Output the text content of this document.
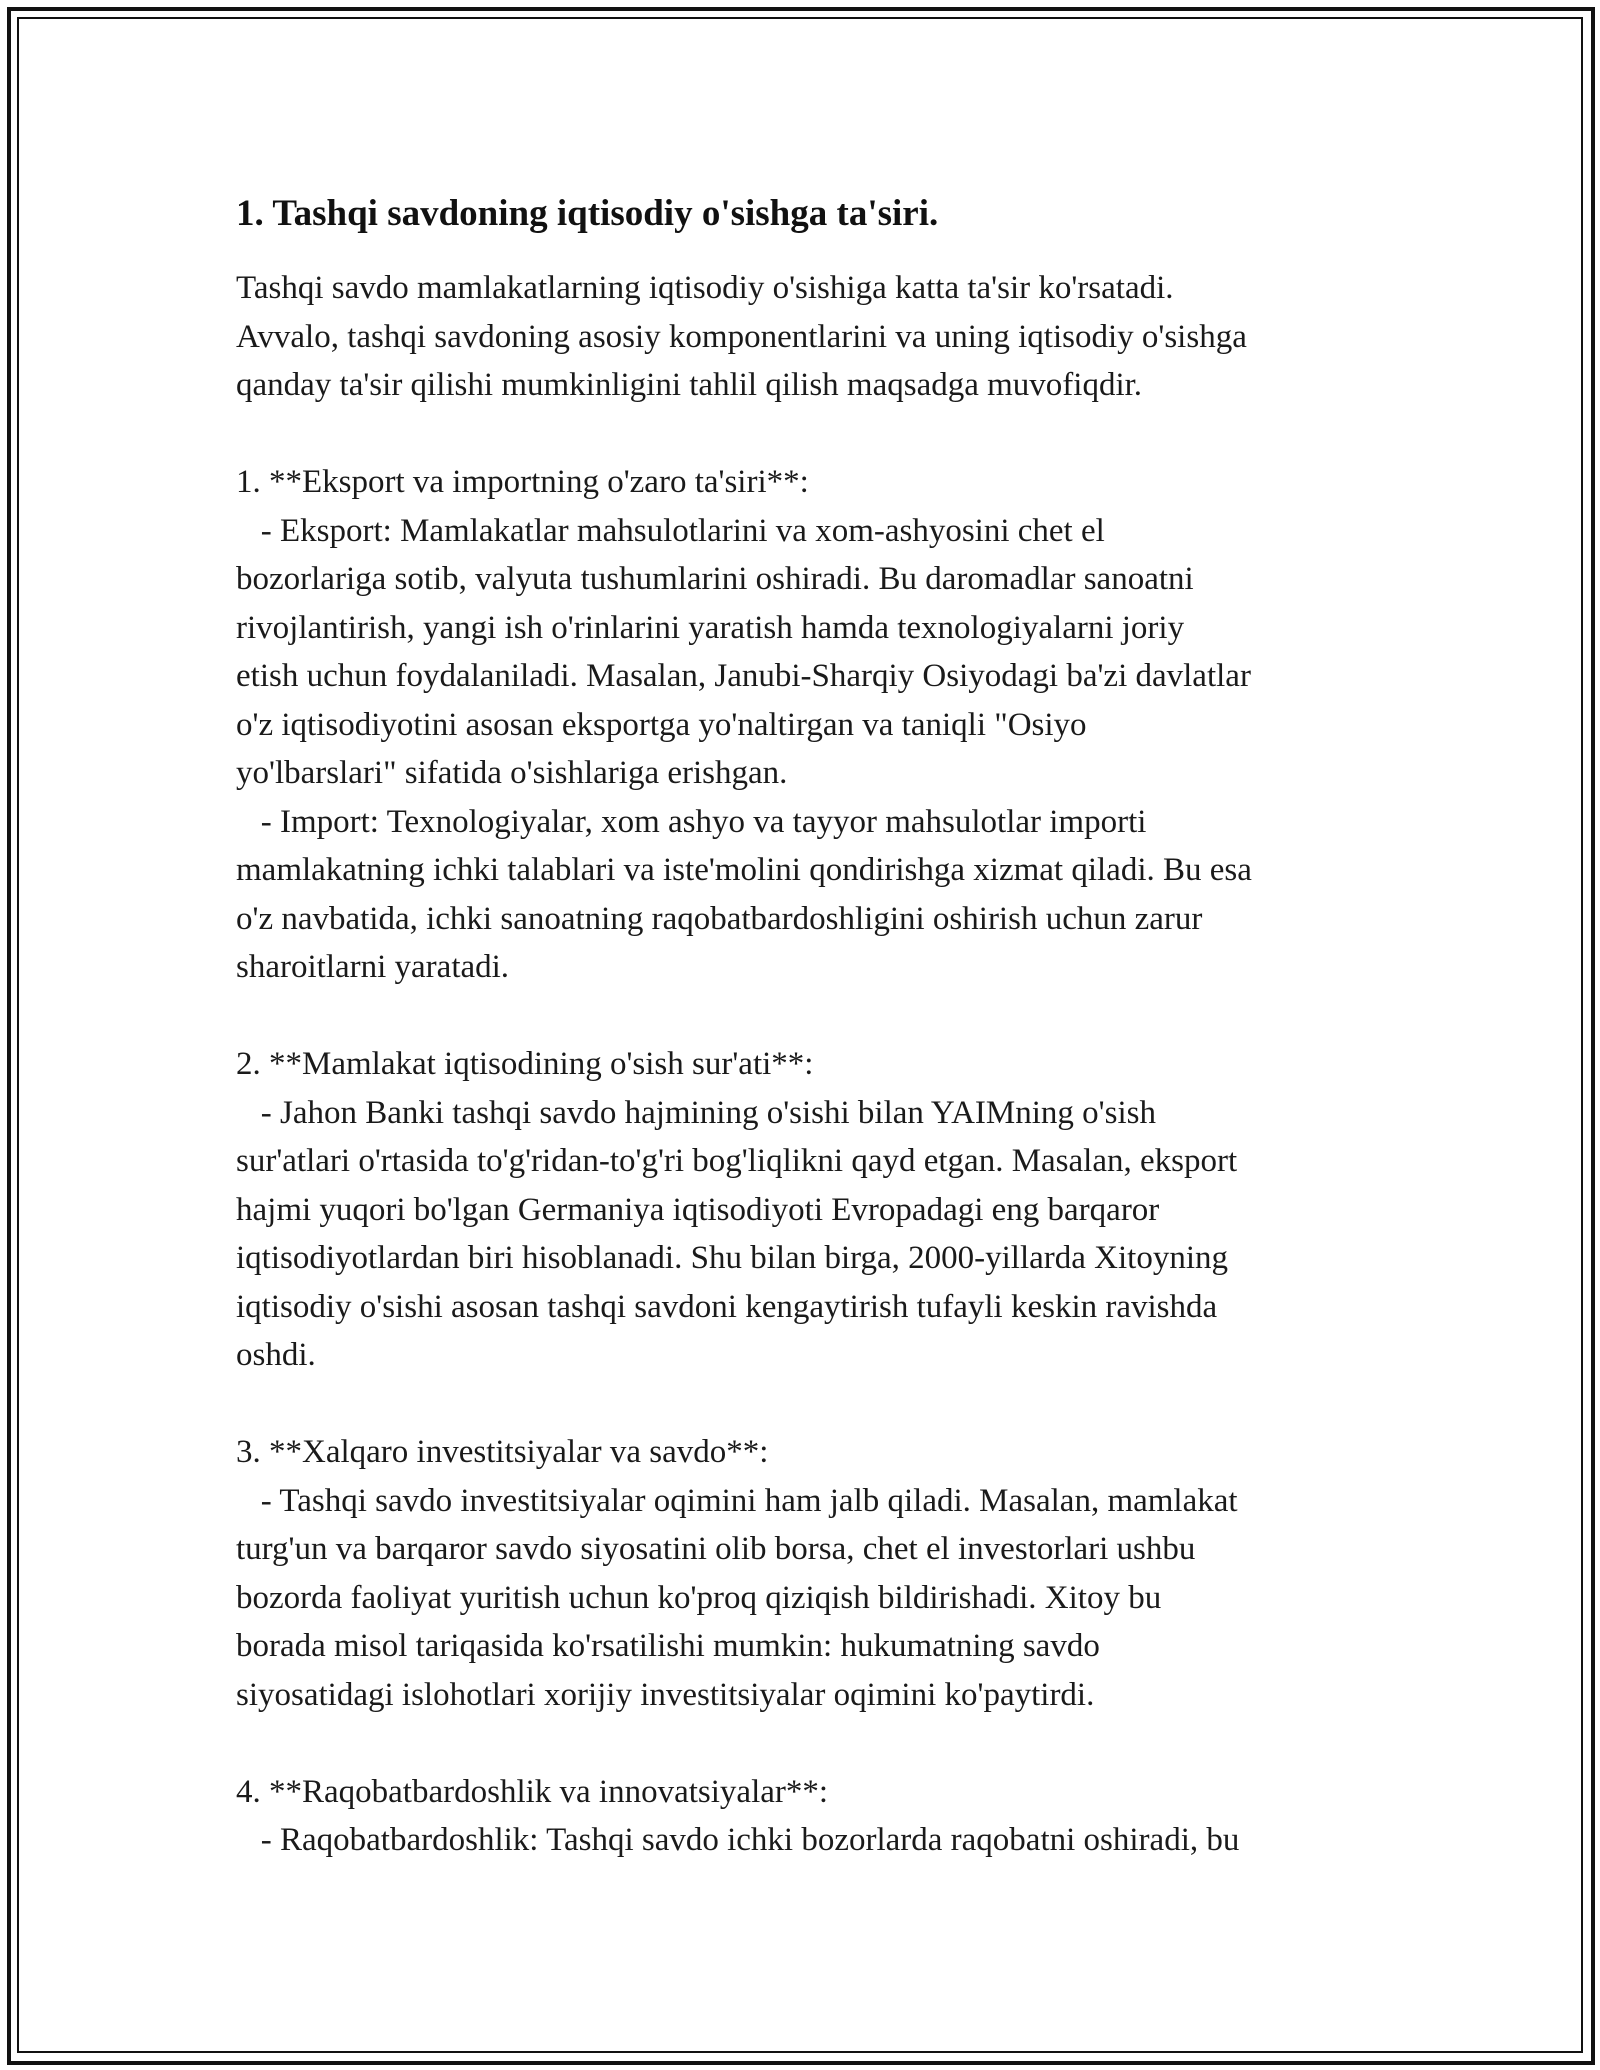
1. Tashqi savdoning iqtisodiy o'sishga ta'siri.

Tashqi savdo mamlakatlarning iqtisodiy o'sishiga katta ta'sir ko'rsatadi.
Avvalo, tashqi savdoning asosiy komponentlarini va uning iqtisodiy o'sishga
qanday ta'sir qilishi mumkinligini tahlil qilish maqsadga muvofiqdir.

1. **Eksport va importning o'zaro ta'siri**:
- Eksport: Mamlakatlar mahsulotlarini va xom-ashyosini chet el
bozorlariga sotib, valyuta tushumlarini oshiradi. Bu daromadlar sanoatni
rivojlantirish, yangi ish o'rinlarini yaratish hamda texnologiyalarni joriy
etish uchun foydalaniladi. Masalan, Janubi-Sharqiy Osiyodagi ba'zi davlatlar
o'z iqtisodiyotini asosan eksportga yo'naltirgan va taniqli "Osiyo
yo'lbarslari" sifatida o'sishlariga erishgan.
- Import: Texnologiyalar, xom ashyo va tayyor mahsulotlar importi
mamlakatning ichki talablari va iste'molini qondirishga xizmat qiladi. Bu esa
o'z navbatida, ichki sanoatning raqobatbardoshligini oshirish uchun zarur
sharoitlarni yaratadi.

2. **Mamlakat iqtisodining o'sish sur'ati**:
- Jahon Banki tashqi savdo hajmining o'sishi bilan YAIMning o'sish
sur'atlari o'rtasida to'g'ridan-to'g'ri bog'liqlikni qayd etgan. Masalan, eksport
hajmi yuqori bo'lgan Germaniya iqtisodiyoti Evropadagi eng barqaror
iqtisodiyotlardan biri hisoblanadi. Shu bilan birga, 2000-yillarda Xitoyning
iqtisodiy o'sishi asosan tashqi savdoni kengaytirish tufayli keskin ravishda
oshdi.

3. **Xalqaro investitsiyalar va savdo**:
- Tashqi savdo investitsiyalar oqimini ham jalb qiladi. Masalan, mamlakat
turg'un va barqaror savdo siyosatini olib borsa, chet el investorlari ushbu
bozorda faoliyat yuritish uchun ko'proq qiziqish bildirishadi. Xitoy bu
borada misol tariqasida ko'rsatilishi mumkin: hukumatning savdo
siyosatidagi islohotlari xorijiy investitsiyalar oqimini ko'paytirdi.

4. **Raqobatbardoshlik va innovatsiyalar**:
- Raqobatbardoshlik: Tashqi savdo ichki bozorlarda raqobatni oshiradi, bu
